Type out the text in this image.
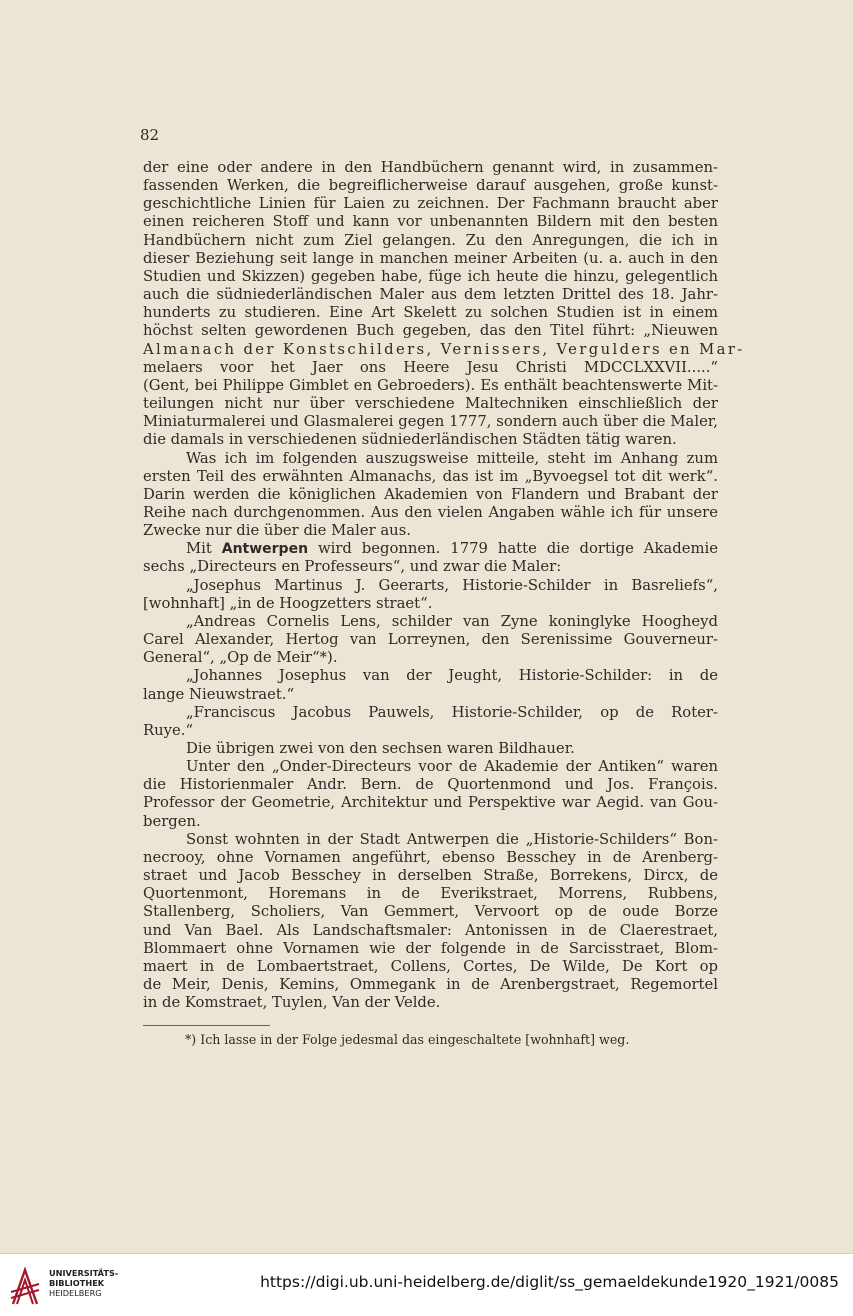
82
der eine oder andere in den Handbüchern genannt wird, in zusammen-
fassenden Werken, die begreiflicherweise darauf ausgehen, große kunst-
geschichtliche Linien für Laien zu zeichnen. Der Fachmann braucht aber
einen reicheren Stoff und kann vor unbenannten Bildern mit den besten
Handbüchern nicht zum Ziel gelangen. Zu den Anregungen, die ich in
dieser Beziehung seit lange in manchen meiner Arbeiten (u. a. auch in den
Studien und Skizzen) gegeben habe, füge ich heute die hinzu, gelegentlich
auch die südniederländischen Maler aus dem letzten Drittel des 18. Jahr-
hunderts zu studieren. Eine Art Skelett zu solchen Studien ist in einem
höchst selten gewordenen Buch gegeben, das den Titel führt: „Nieuwen
Almanach der Konstschilders, Vernissers, Vergulders en Mar-
melaers voor het Jaer ons Heere Jesu Christi MDCCLXXVII.....“
(Gent, bei Philippe Gimblet en Gebroeders). Es enthält beachtenswerte Mit-
teilungen nicht nur über verschiedene Maltechniken einschließlich der
Miniaturmalerei und Glasmalerei gegen 1777, sondern auch über die Maler,
die damals in verschiedenen südniederländischen Städten tätig waren.
Was ich im folgenden auszugsweise mitteile, steht im Anhang zum
ersten Teil des erwähnten Almanachs, das ist im „Byvoegsel tot dit werk“.
Darin werden die königlichen Akademien von Flandern und Brabant der
Reihe nach durchgenommen. Aus den vielen Angaben wähle ich für unsere
Zwecke nur die über die Maler aus.
Mit Antwerpen wird begonnen. 1779 hatte die dortige Akademie
sechs „Directeurs en Professeurs“, und zwar die Maler:
„Josephus Martinus J. Geerarts, Historie-Schilder in Basreliefs“,
[wohnhaft] „in de Hoogzetters straet“.
„Andreas Cornelis Lens, schilder van Zyne koninglyke Hoogheyd
Carel Alexander, Hertog van Lorreynen, den Serenissime Gouverneur-
General“, „Op de Meir“*).
„Johannes Josephus van der Jeught, Historie-Schilder: in de
lange Nieuwstraet.“
„Franciscus Jacobus Pauwels, Historie-Schilder, op de Roter-
Ruye.“
Die übrigen zwei von den sechsen waren Bildhauer.
Unter den „Onder-Directeurs voor de Akademie der Antiken“ waren
die Historienmaler Andr. Bern. de Quortenmond und Jos. François.
Professor der Geometrie, Architektur und Perspektive war Aegid. van Gou-
bergen.
Sonst wohnten in der Stadt Antwerpen die „Historie-Schilders“ Bon-
necrooy, ohne Vornamen angeführt, ebenso Besschey in de Arenberg-
straet und Jacob Besschey in derselben Straße, Borrekens, Dircx, de
Quortenmont, Horemans in de Everikstraet, Morrens, Rubbens,
Stallenberg, Scholiers, Van Gemmert, Vervoort op de oude Borze
und Van Bael. Als Landschaftsmaler: Antonissen in de Claerestraet,
Blommaert ohne Vornamen wie der folgende in de Sarcisstraet, Blom-
maert in de Lombaertstraet, Collens, Cortes, De Wilde, De Kort op
de Meir, Denis, Kemins, Ommegank in de Arenbergstraet, Regemortel
in de Komstraet, Tuylen, Van der Velde.
*) Ich lasse in der Folge jedesmal das eingeschaltete [wohnhaft] weg.
UNIVERSITÄTS-
BIBLIOTHEK
HEIDELBERG
https://digi.ub.uni-heidelberg.de/diglit/ss_gemaeldekunde1920_1921/0085
